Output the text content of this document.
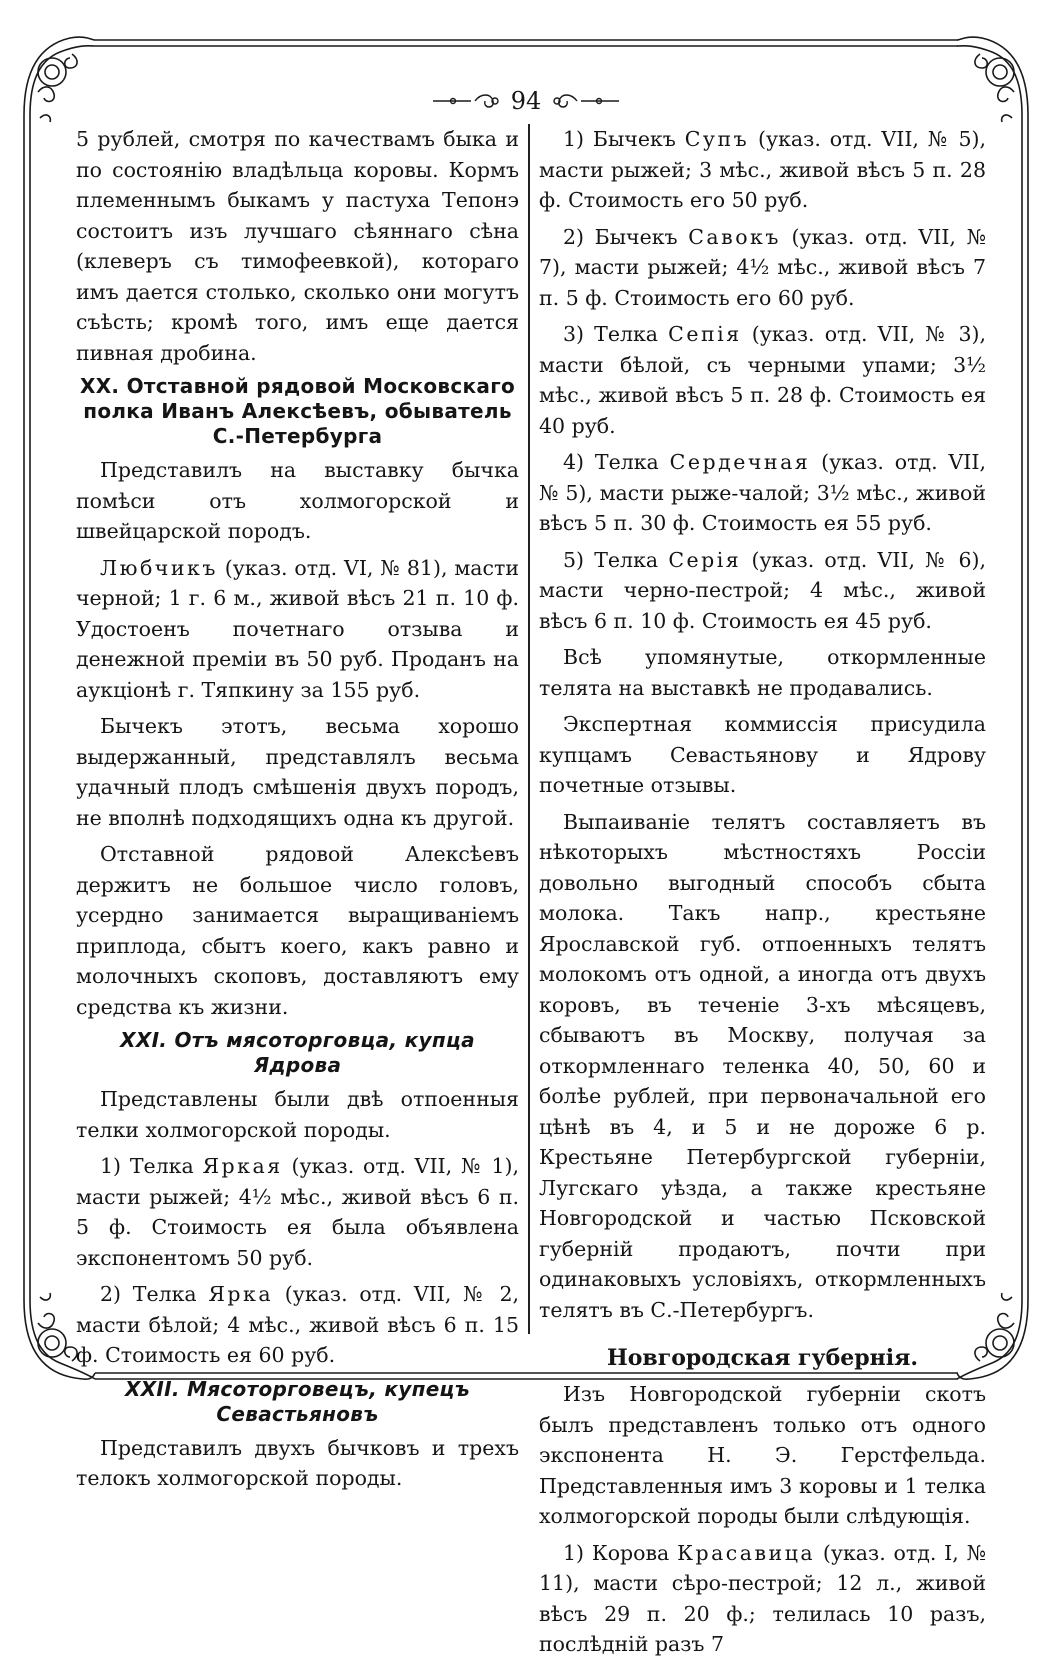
94

5 рублей, смотря по качествамъ быка и по состоянію владѣльца коровы. Кормъ племеннымъ быкамъ у пастуха Тепонэ состоитъ изъ лучшаго сѣяннаго сѣна (клеверъ съ тимофеевкой), котораго имъ дается столько, сколько они могутъ съѣсть; кромѣ того, имъ еще дается пивная дробина.

XX. Отставной рядовой Московскаго полка Иванъ Алексѣевъ, обыватель С.-Петербурга

Представилъ на выставку бычка помѣси отъ холмогорской и швейцарской породъ.

Любчикъ (указ. отд. VI, № 81), масти черной; 1 г. 6 м., живой вѣсъ 21 п. 10 ф. Удостоенъ почетнаго отзыва и денежной преміи въ 50 руб. Проданъ на аукціонѣ г. Тяпкину за 155 руб.

Бычекъ этотъ, весьма хорошо выдержанный, представлялъ весьма удачный плодъ смѣшенія двухъ породъ, не вполнѣ подходящихъ одна къ другой.

Отставной рядовой Алексѣевъ держитъ не большое число головъ, усердно занимается выращиваніемъ приплода, сбытъ коего, какъ равно и молочныхъ скоповъ, доставляютъ ему средства къ жизни.

XXI. Отъ мясоторговца, купца Ядрова

Представлены были двѣ отпоенныя телки холмогорской породы.

1) Телка Яркая (указ. отд. VII, № 1), масти рыжей; 4½ мѣс., живой вѣсъ 6 п. 5 ф. Стоимость ея была объявлена экспонентомъ 50 руб.

2) Телка Ярка (указ. отд. VII, № 2, масти бѣлой; 4 мѣс., живой вѣсъ 6 п. 15 ф. Стоимость ея 60 руб.

XXII. Мясоторговецъ, купецъ Севастьяновъ

Представилъ двухъ бычковъ и трехъ телокъ холмогорской породы.

1) Бычекъ Супъ (указ. отд. VII, № 5), масти рыжей; 3 мѣс., живой вѣсъ 5 п. 28 ф. Стоимость его 50 руб.

2) Бычекъ Савокъ (указ. отд. VII, № 7), масти рыжей; 4½ мѣс., живой вѣсъ 7 п. 5 ф. Стоимость его 60 руб.

3) Телка Сепія (указ. отд. VII, № 3), масти бѣлой, съ черными упами; 3½ мѣс., живой вѣсъ 5 п. 28 ф. Стоимость ея 40 руб.

4) Телка Сердечная (указ. отд. VII, № 5), масти рыже-чалой; 3½ мѣс., живой вѣсъ 5 п. 30 ф. Стоимость ея 55 руб.

5) Телка Серія (указ. отд. VII, № 6), масти черно-пестрой; 4 мѣс., живой вѣсъ 6 п. 10 ф. Стоимость ея 45 руб.

Всѣ упомянутые, откормленные телята на выставкѣ не продавались.

Экспертная коммиссія присудила купцамъ Севастьянову и Ядрову почетные отзывы.

Выпаиваніе телятъ составляетъ въ нѣкоторыхъ мѣстностяхъ Россіи довольно выгодный способъ сбыта молока. Такъ напр., крестьяне Ярославской губ. отпоенныхъ телятъ молокомъ отъ одной, а иногда отъ двухъ коровъ, въ теченіе 3-хъ мѣсяцевъ, сбываютъ въ Москву, получая за откормленнаго теленка 40, 50, 60 и болѣе рублей, при первоначальной его цѣнѣ въ 4, и 5 и не дороже 6 р. Крестьяне Петербургской губерніи, Лугскаго уѣзда, а также крестьяне Новгородской и частью Псковской губерній продаютъ, почти при одинаковыхъ условіяхъ, откормленныхъ телятъ въ С.-Петербургъ.

Новгородская губернія.

Изъ Новгородской губерніи скотъ былъ представленъ только отъ одного экспонента Н. Э. Герстфельда. Представленныя имъ 3 коровы и 1 телка холмогорской породы были слѣдующія.

1) Корова Красавица (указ. отд. I, № 11), масти сѣро-пестрой; 12 л., живой вѣсъ 29 п. 20 ф.; телилась 10 разъ, послѣдній разъ 7
